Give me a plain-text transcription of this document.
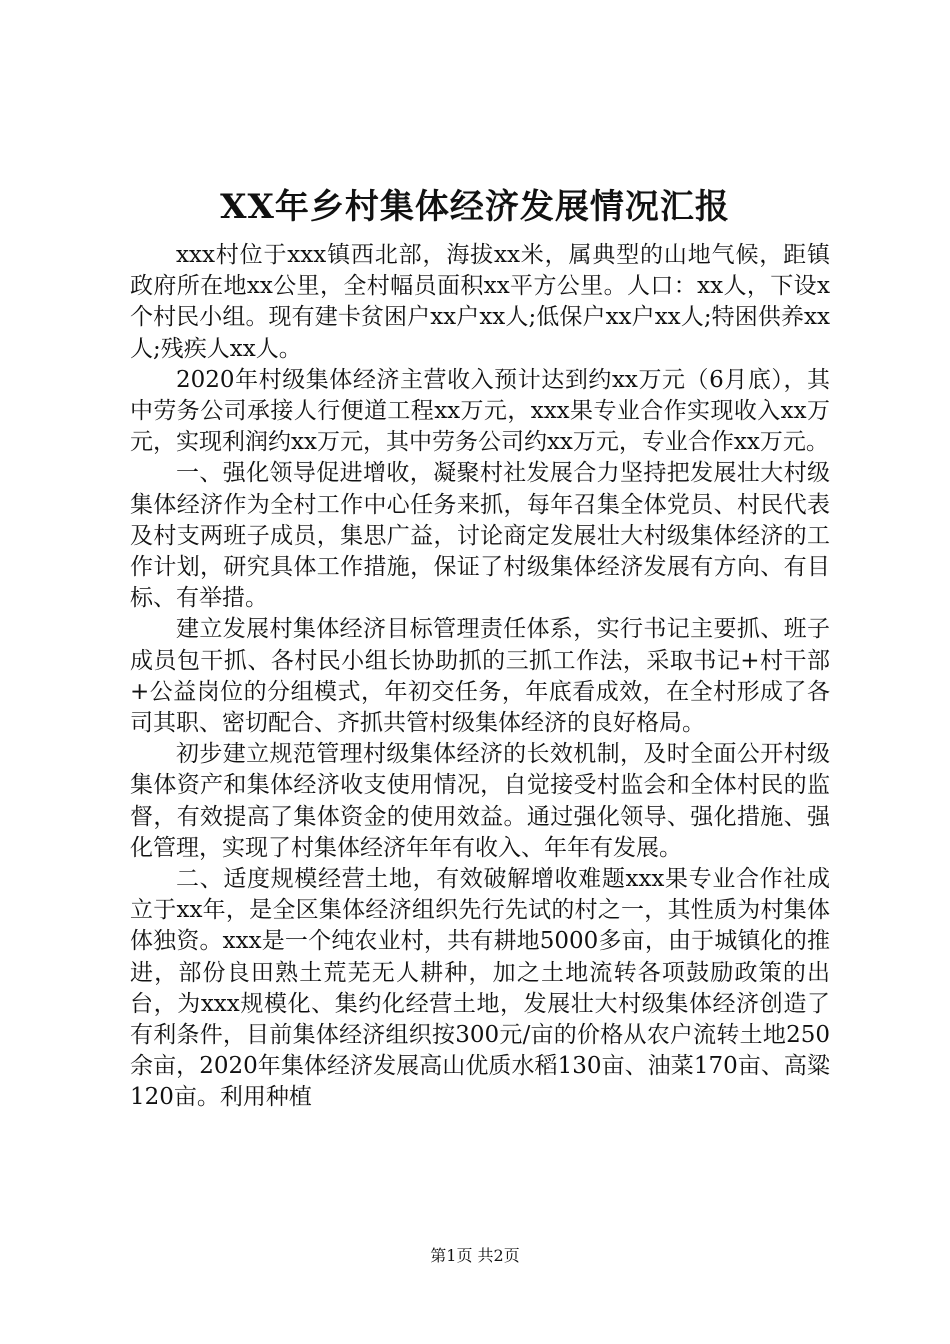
XX年乡村集体经济发展情况汇报

xxx村位于xxx镇西北部，海拔xx米，属典型的山地气候，距镇政府所在地xx公里，全村幅员面积xx平方公里。人口：xx人，下设x个村民小组。现有建卡贫困户xx户xx人;低保户xx户xx人;特困供养xx人;残疾人xx人。

2020年村级集体经济主营收入预计达到约xx万元（6月底），其中劳务公司承接人行便道工程xx万元，xxx果专业合作实现收入xx万元，实现利润约xx万元，其中劳务公司约xx万元，专业合作xx万元。

一、强化领导促进增收，凝聚村社发展合力坚持把发展壮大村级集体经济作为全村工作中心任务来抓，每年召集全体党员、村民代表及村支两班子成员，集思广益，讨论商定发展壮大村级集体经济的工作计划，研究具体工作措施，保证了村级集体经济发展有方向、有目标、有举措。

建立发展村集体经济目标管理责任体系，实行书记主要抓、班子成员包干抓、各村民小组长协助抓的三抓工作法，采取书记+村干部+公益岗位的分组模式，年初交任务，年底看成效，在全村形成了各司其职、密切配合、齐抓共管村级集体经济的良好格局。

初步建立规范管理村级集体经济的长效机制，及时全面公开村级集体资产和集体经济收支使用情况，自觉接受村监会和全体村民的监督，有效提高了集体资金的使用效益。通过强化领导、强化措施、强化管理，实现了村集体经济年年有收入、年年有发展。

二、适度规模经营土地，有效破解增收难题xxx果专业合作社成立于xx年，是全区集体经济组织先行先试的村之一，其性质为村集体体独资。xxx是一个纯农业村，共有耕地5000多亩，由于城镇化的推进，部份良田熟土荒芜无人耕种，加之土地流转各项鼓励政策的出台，为xxx规模化、集约化经营土地，发展壮大村级集体经济创造了有利条件，目前集体经济组织按300元/亩的价格从农户流转土地250余亩，2020年集体经济发展高山优质水稻130亩、油菜170亩、高粱120亩。利用种植

第1页 共2页
